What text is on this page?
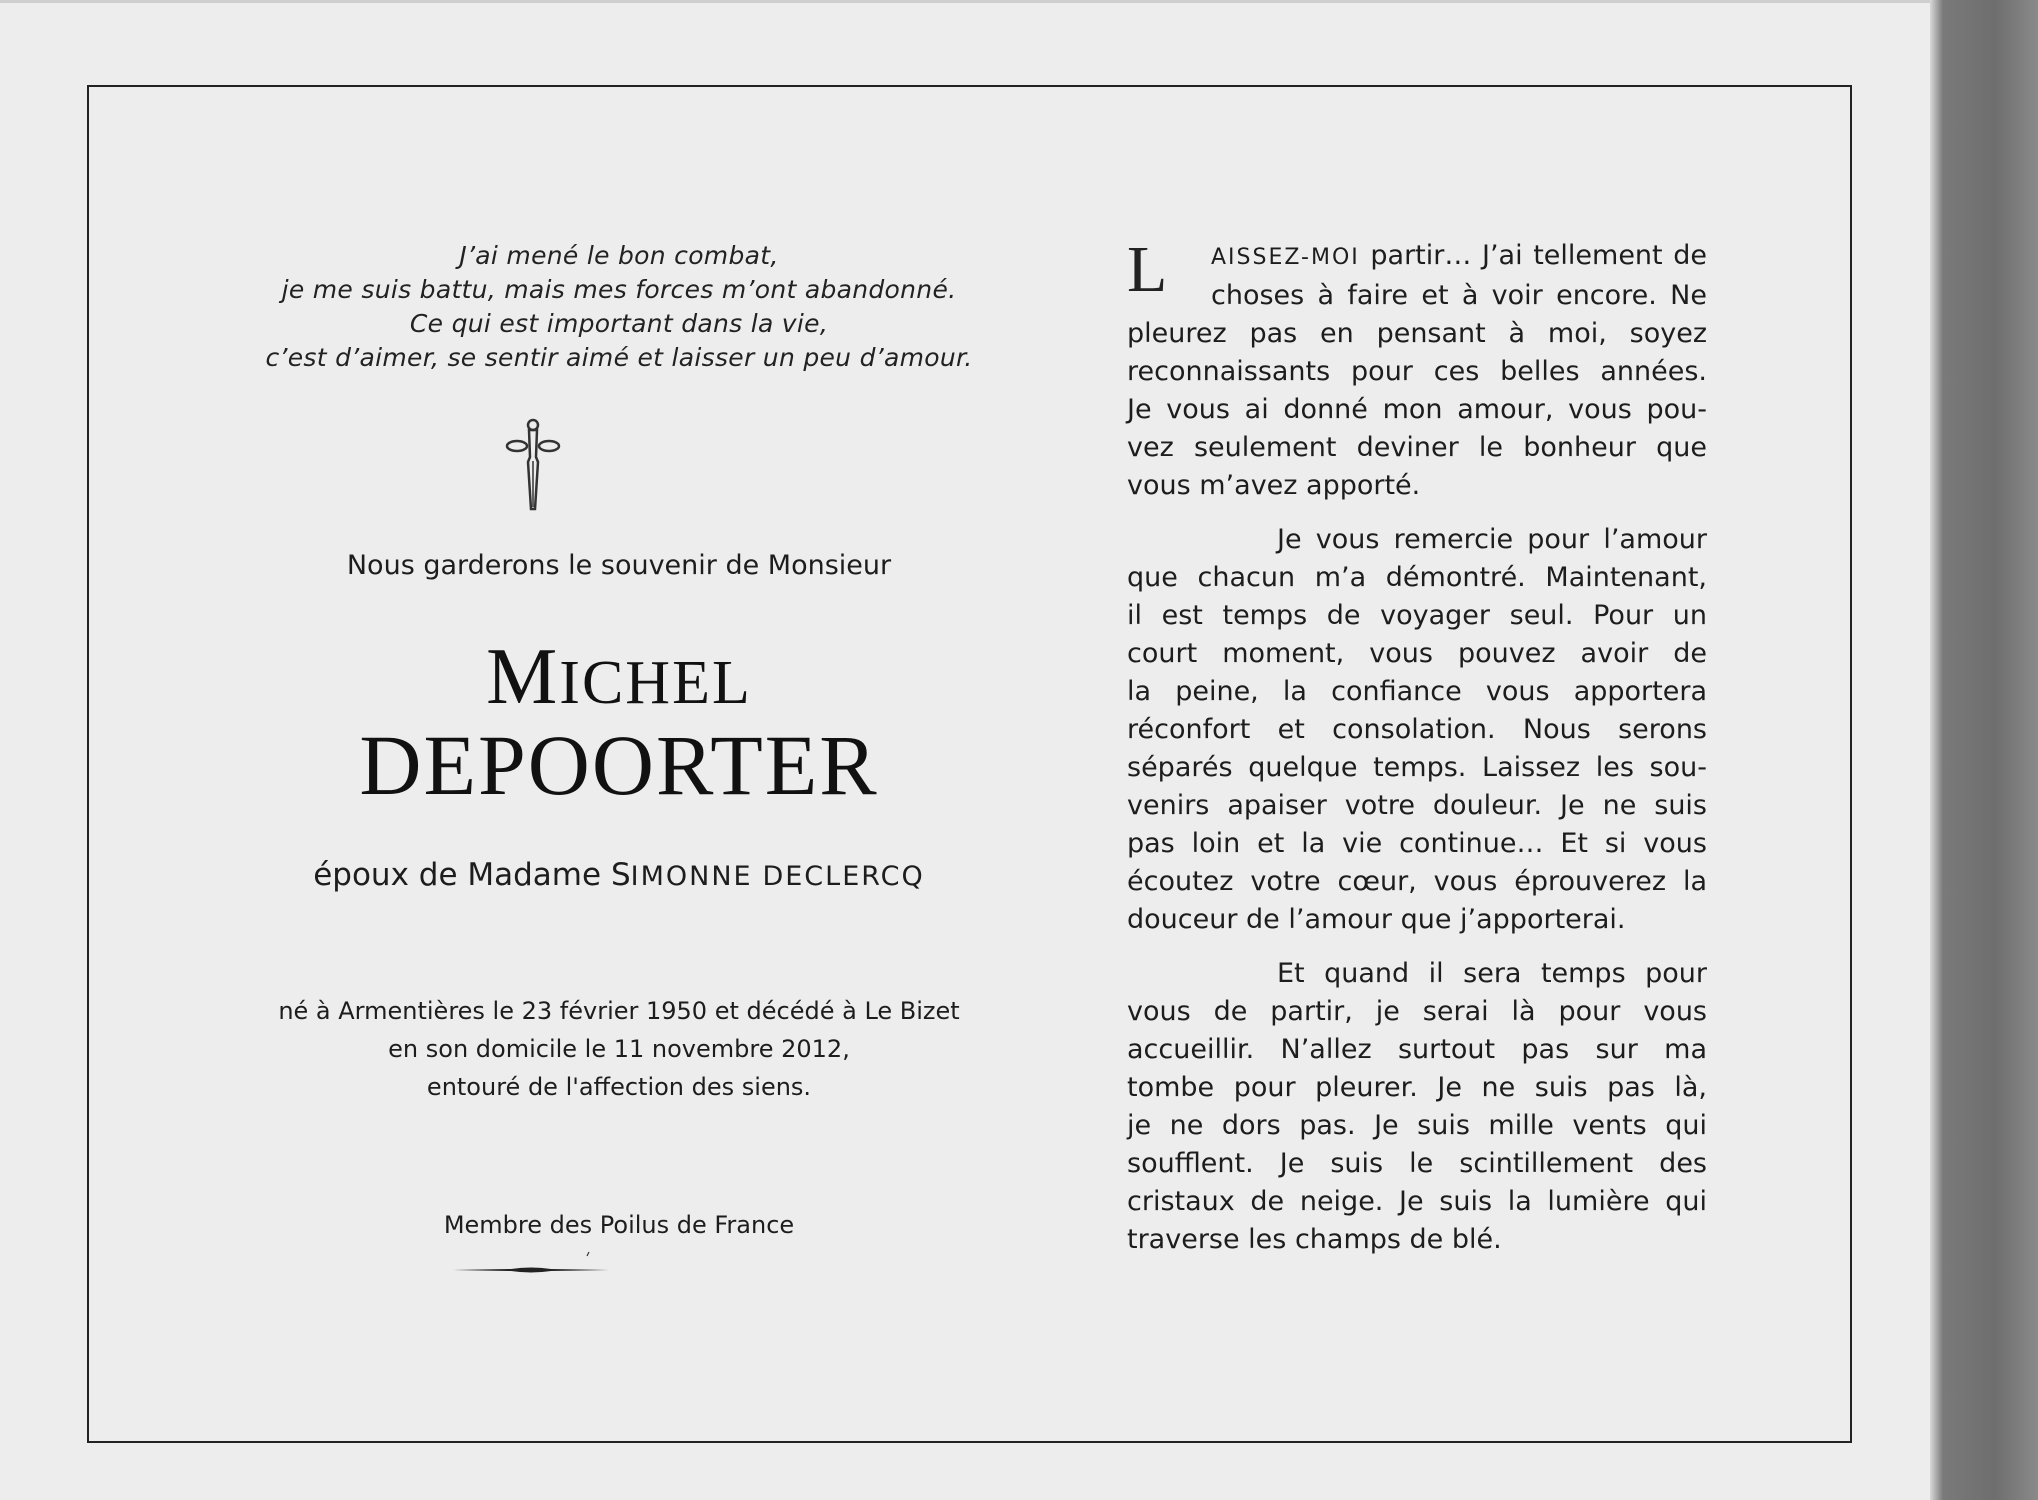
J’ai mené le bon combat,
je me suis battu, mais mes forces m’ont abandonné.
Ce qui est important dans la vie,
c’est d’aimer, se sentir aimé et laisser un peu d’amour.
Nous garderons le souvenir de Monsieur
MICHEL
DEPOORTER
époux de Madame SIMONNE DECLERCQ
né à Armentières le 23 février 1950 et décédé à Le Bizet
en son domicile le 11 novembre 2012,
entouré de l'affection des siens.
Membre des Poilus de France

L AISSEZ-MOI partir… J’ai tellement de

choses à faire et à voir encore. Ne

pleurez pas en pensant à moi, soyez

reconnaissants pour ces belles années.

Je vous ai donné mon amour, vous pou-

vez seulement deviner le bonheur que

vous m’avez apporté.

Je vous remercie pour l’amour

que chacun m’a démontré. Maintenant,

il est temps de voyager seul. Pour un

court moment, vous pouvez avoir de

la peine, la confiance vous apportera

réconfort et consolation. Nous serons

séparés quelque temps. Laissez les sou-

venirs apaiser votre douleur. Je ne suis

pas loin et la vie continue… Et si vous

écoutez votre cœur, vous éprouverez la

douceur de l’amour que j’apporterai.

Et quand il sera temps pour

vous de partir, je serai là pour vous

accueillir. N’allez surtout pas sur ma

tombe pour pleurer. Je ne suis pas là,

je ne dors pas. Je suis mille vents qui

soufflent. Je suis le scintillement des

cristaux de neige. Je suis la lumière qui

traverse les champs de blé.
